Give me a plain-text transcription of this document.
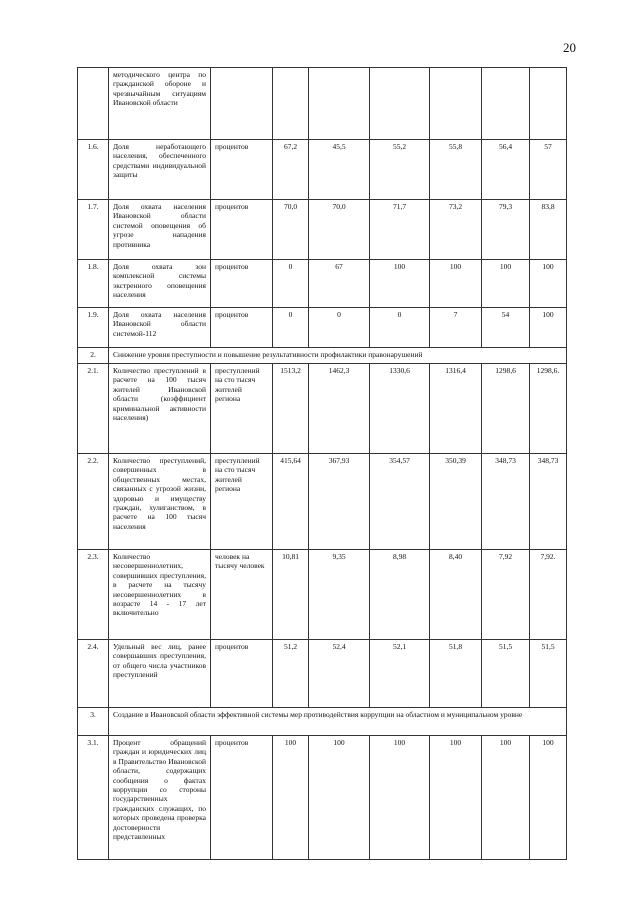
20
	методического центра по гражданской обороне и чрезвычайным ситуациям Ивановской области							
1.6.	Доля неработающего населения, обеспеченного средствами индивидуальной защиты	процентов	67,2	45,5	55,2	55,8	56,4	57
1.7.	Доля охвата населения Ивановской области системой оповещения об угрозе нападения противника	процентов	70,0	70,0	71,7	73,2	79,3	83,8
1.8.	Доля охвата зон комплексной системы экстренного оповещения населения	процентов	0	67	100	100	100	100
1.9.	Доля охвата населения Ивановской области системой-112	процентов	0	0	0	7	54	100
2.	Снижение уровня преступности и повышение результативности профилактики правонарушений							
2.1.	Количество преступлений в расчете на 100 тысяч жителей Ивановской области (коэффициент криминальной активности населения)	преступлений на сто тысяч жителей региона	1513,2	1462,3	1330,6	1316,4	1298,6	1298,6.
2.2.	Количество преступлений, совершенных в общественных местах, связанных с угрозой жизни, здоровью и имуществу граждан, хулиганством, в расчете на 100 тысяч населения	преступлений на сто тысяч жителей региона	415,64	367,93	354,57	350,39	348,73	348,73
2.3.	Количество несовершеннолетних, совершивших преступления, в расчете на тысячу несовершеннолетних в возрасте 14 - 17 лет включительно	человек на тысячу человек	10,81	9,35	8,98	8,40	7,92	7,92.
2.4.	Удельный вес лиц, ранее совершавших преступления, от общего числа участников преступлений	процентов	51,2	52,4	52,1	51,8	51,5	51,5
3.	Создание в Ивановской области эффективной системы мер противодействия коррупции на областном и муниципальном уровне							
3.1.	Процент обращений граждан и юридических лиц в Правительство Ивановской области, содержащих сообщения о фактах коррупции со стороны государственных гражданских служащих, по которых проведена проверка достоверности представленных	процентов	100	100	100	100	100	100
